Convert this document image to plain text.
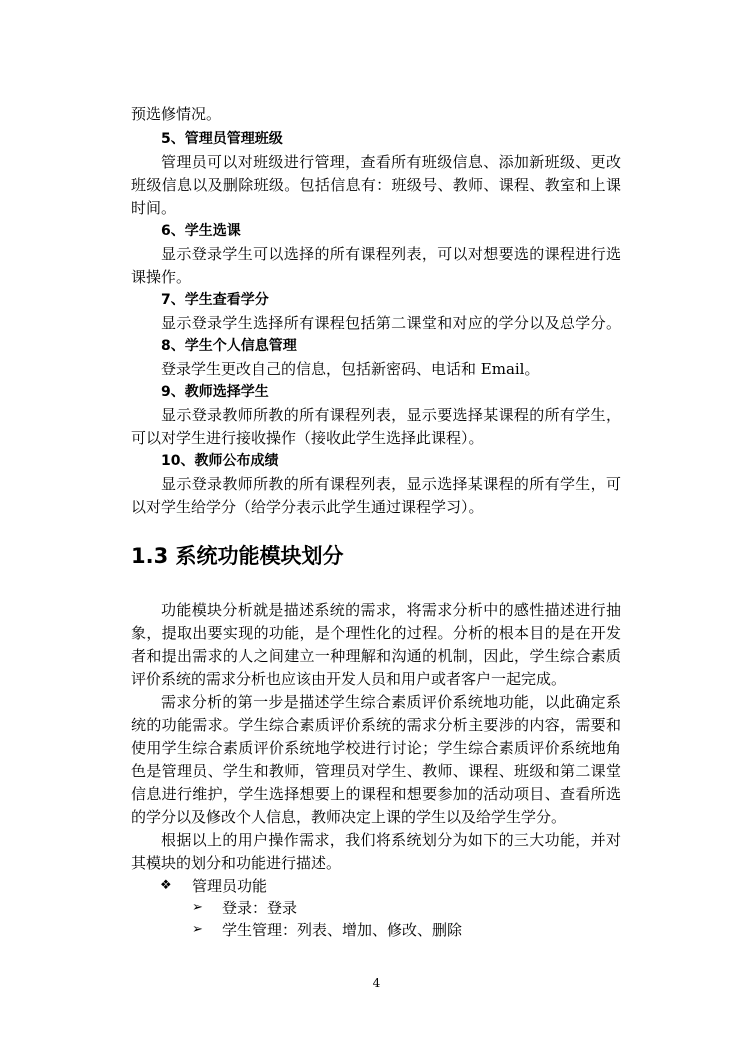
预选修情况。
5、管理员管理班级
管理员可以对班级进行管理，查看所有班级信息、添加新班级、更改
班级信息以及删除班级。包括信息有：班级号、教师、课程、教室和上课
时间。
6、学生选课
显示登录学生可以选择的所有课程列表，可以对想要选的课程进行选
课操作。
7、学生查看学分
显示登录学生选择所有课程包括第二课堂和对应的学分以及总学分。
8、学生个人信息管理
登录学生更改自己的信息，包括新密码、电话和 Email。
9、教师选择学生
显示登录教师所教的所有课程列表，显示要选择某课程的所有学生，
可以对学生进行接收操作（接收此学生选择此课程）。
10、教师公布成绩
显示登录教师所教的所有课程列表，显示选择某课程的所有学生，可
以对学生给学分（给学分表示此学生通过课程学习）。
1.3 系统功能模块划分
功能模块分析就是描述系统的需求，将需求分析中的感性描述进行抽
象，提取出要实现的功能，是个理性化的过程。分析的根本目的是在开发
者和提出需求的人之间建立一种理解和沟通的机制，因此，学生综合素质
评价系统的需求分析也应该由开发人员和用户或者客户一起完成。
需求分析的第一步是描述学生综合素质评价系统地功能，以此确定系
统的功能需求。学生综合素质评价系统的需求分析主要涉的内容，需要和
使用学生综合素质评价系统地学校进行讨论；学生综合素质评价系统地角
色是管理员、学生和教师，管理员对学生、教师、课程、班级和第二课堂
信息进行维护，学生选择想要上的课程和想要参加的活动项目、查看所选
的学分以及修改个人信息，教师决定上课的学生以及给学生学分。
根据以上的用户操作需求，我们将系统划分为如下的三大功能，并对
其模块的划分和功能进行描述。
❖ 管理员功能
➢ 登录：登录
➢ 学生管理：列表、增加、修改、删除
4
